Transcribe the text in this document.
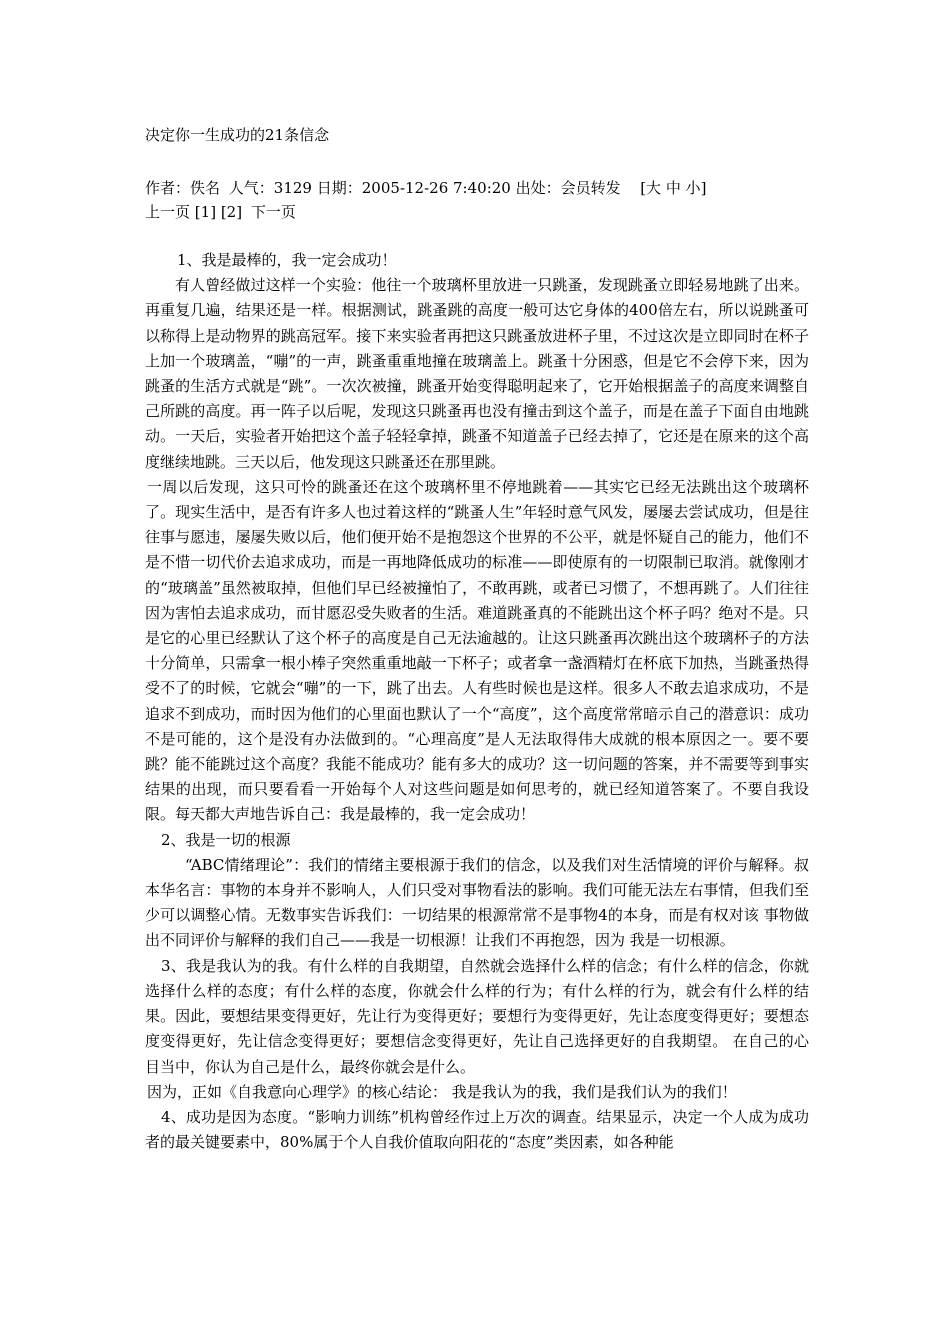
决定你一生成功的21条信念
作者：佚名 人气：3129 日期：2005-12-26 7:40:20 出处：会员转发 [大 中 小]
上一页 [1] [2] 下一页

1、我是最棒的，我一定会成功！

有人曾经做过这样一个实验：他往一个玻璃杯里放进一只跳蚤，发现跳蚤立即轻易地跳了出来。再重复几遍，结果还是一样。根据测试，跳蚤跳的高度一般可达它身体的400倍左右，所以说跳蚤可以称得上是动物界的跳高冠军。接下来实验者再把这只跳蚤放进杯子里，不过这次是立即同时在杯子上加一个玻璃盖，“嘣”的一声，跳蚤重重地撞在玻璃盖上。跳蚤十分困惑，但是它不会停下来，因为跳蚤的生活方式就是“跳”。一次次被撞，跳蚤开始变得聪明起来了，它开始根据盖子的高度来调整自己所跳的高度。再一阵子以后呢，发现这只跳蚤再也没有撞击到这个盖子，而是在盖子下面自由地跳动。一天后，实验者开始把这个盖子轻轻拿掉，跳蚤不知道盖子已经去掉了，它还是在原来的这个高度继续地跳。三天以后，他发现这只跳蚤还在那里跳。

一周以后发现，这只可怜的跳蚤还在这个玻璃杯里不停地跳着——其实它已经无法跳出这个玻璃杯了。现实生活中，是否有许多人也过着这样的“跳蚤人生”年轻时意气风发，屡屡去尝试成功，但是往往事与愿违，屡屡失败以后，他们便开始不是抱怨这个世界的不公平，就是怀疑自己的能力，他们不是不惜一切代价去追求成功，而是一再地降低成功的标准——即使原有的一切限制已取消。就像刚才的“玻璃盖”虽然被取掉，但他们早已经被撞怕了，不敢再跳，或者已习惯了，不想再跳了。人们往往因为害怕去追求成功，而甘愿忍受失败者的生活。难道跳蚤真的不能跳出这个杯子吗？绝对不是。只是它的心里已经默认了这个杯子的高度是自己无法逾越的。让这只跳蚤再次跳出这个玻璃杯子的方法十分简单，只需拿一根小棒子突然重重地敲一下杯子；或者拿一盏酒精灯在杯底下加热，当跳蚤热得受不了的时候，它就会“嘣”的一下，跳了出去。人有些时候也是这样。很多人不敢去追求成功，不是追求不到成功，而时因为他们的心里面也默认了一个“高度”，这个高度常常暗示自己的潜意识：成功不是可能的，这个是没有办法做到的。“心理高度”是人无法取得伟大成就的根本原因之一。要不要跳？能不能跳过这个高度？我能不能成功？能有多大的成功？这一切问题的答案，并不需要等到事实结果的出现，而只要看看一开始每个人对这些问题是如何思考的，就已经知道答案了。不要自我设限。每天都大声地告诉自己：我是最棒的，我一定会成功！

2、我是一切的根源

“ABC情绪理论”：我们的情绪主要根源于我们的信念，以及我们对生活情境的评价与解释。叔本华名言：事物的本身并不影响人，人们只受对事物看法的影响。我们可能无法左右事情，但我们至少可以调整心情。无数事实告诉我们：一切结果的根源常常不是事物4的本身，而是有权对该 事物做出不同评价与解释的我们自己——我是一切根源！让我们不再抱怨，因为 我是一切根源。

3、我是我认为的我。有什么样的自我期望，自然就会选择什么样的信念；有什么样的信念，你就选择什么样的态度；有什么样的态度，你就会什么样的行为；有什么样的行为，就会有什么样的结果。因此，要想结果变得更好，先让行为变得更好；要想行为变得更好，先让态度变得更好；要想态度变得更好，先让信念变得更好；要想信念变得更好，先让自己选择更好的自我期望。 在自己的心目当中，你认为自己是什么，最终你就会是什么。

因为，正如《自我意向心理学》的核心结论： 我是我认为的我，我们是我们认为的我们！

4、成功是因为态度。“影响力训练”机构曾经作过上万次的调查。结果显示，决定一个人成为成功者的最关键要素中，80%属于个人自我价值取向阳花的“态度”类因素，如各种能
